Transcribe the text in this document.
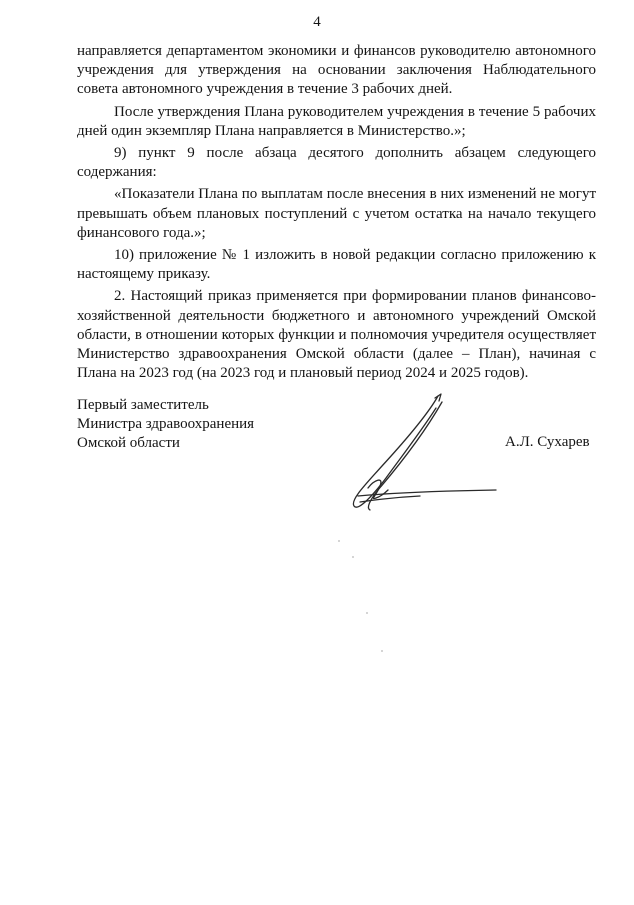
4

направляется департаментом экономики и финансов руководителю автономного учреждения для утверждения на основании заключения Наблюдательного совета автономного учреждения в течение 3 рабочих дней.

После утверждения Плана руководителем учреждения в течение 5 рабочих дней один экземпляр Плана направляется в Министерство.»;

9) пункт 9 после абзаца десятого дополнить абзацем следующего содержания:

«Показатели Плана по выплатам после внесения в них изменений не могут превышать объем плановых поступлений с учетом остатка на начало текущего финансового года.»;

10) приложение № 1 изложить в новой редакции согласно приложению к настоящему приказу.

2. Настоящий приказ применяется при формировании планов финансово-хозяйственной деятельности бюджетного и автономного учреждений Омской области, в отношении которых функции и полномочия учредителя осуществляет Министерство здравоохранения Омской области (далее – План), начиная с Плана на 2023 год (на 2023 год и плановый период 2024 и 2025 годов).

Первый заместитель
Министра здравоохранения
Омской области	А.Л. Сухарев
